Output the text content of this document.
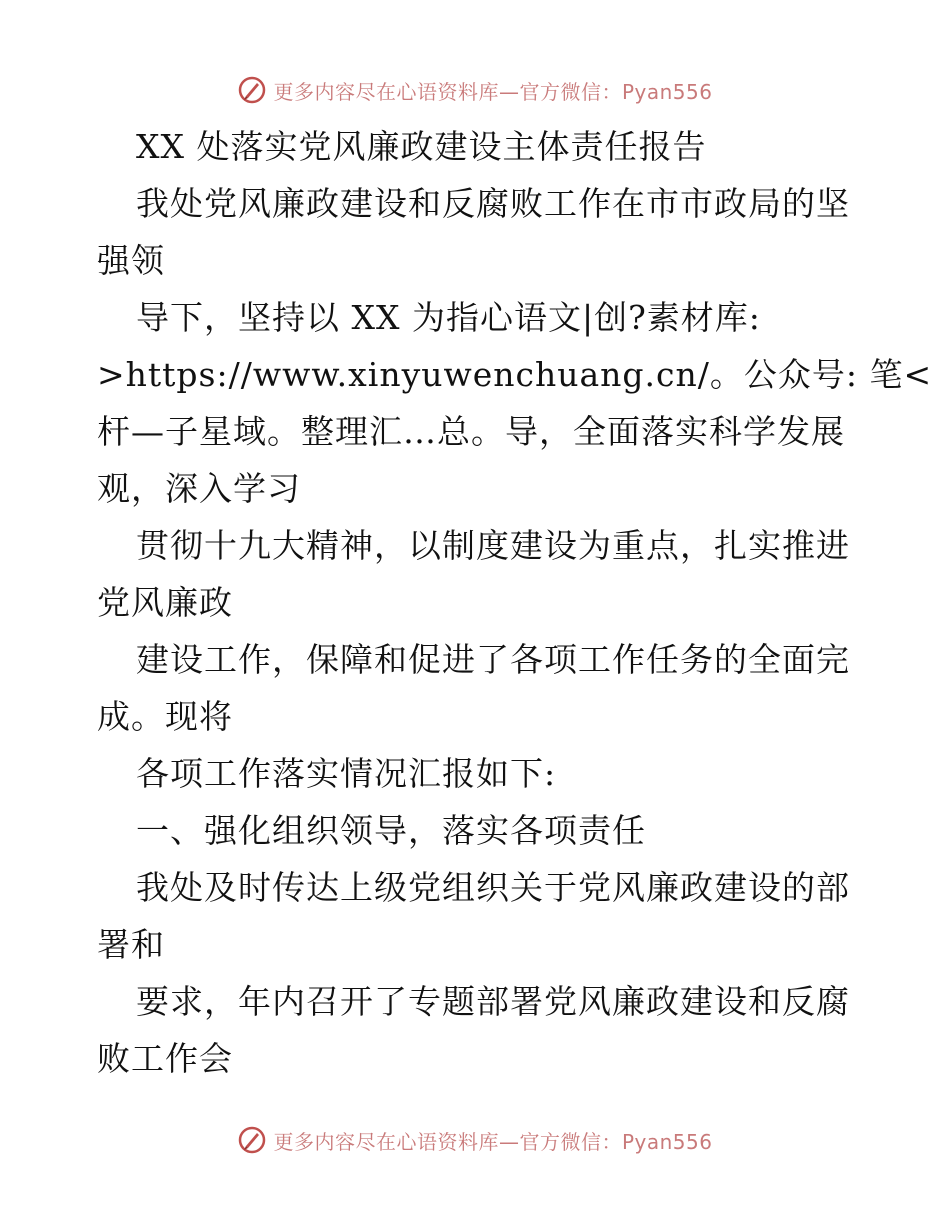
更多内容尽在心语资料库—官方微信：Pyan556
XX 处落实党风廉政建设主体责任报告
我处党风廉政建设和反腐败工作在市市政局的坚
强领
导下，坚持以 XX 为指心语文|创?素材库:
>https://www.xinyuwenchuang.cn/。公众号: 笔<
杆—子星域。整理汇…总。导，全面落实科学发展
观，深入学习
贯彻十九大精神，以制度建设为重点，扎实推进
党风廉政
建设工作，保障和促进了各项工作任务的全面完
成。现将
各项工作落实情况汇报如下:
一、强化组织领导，落实各项责任
我处及时传达上级党组织关于党风廉政建设的部
署和
要求，年内召开了专题部署党风廉政建设和反腐
败工作会
更多内容尽在心语资料库—官方微信：Pyan556
